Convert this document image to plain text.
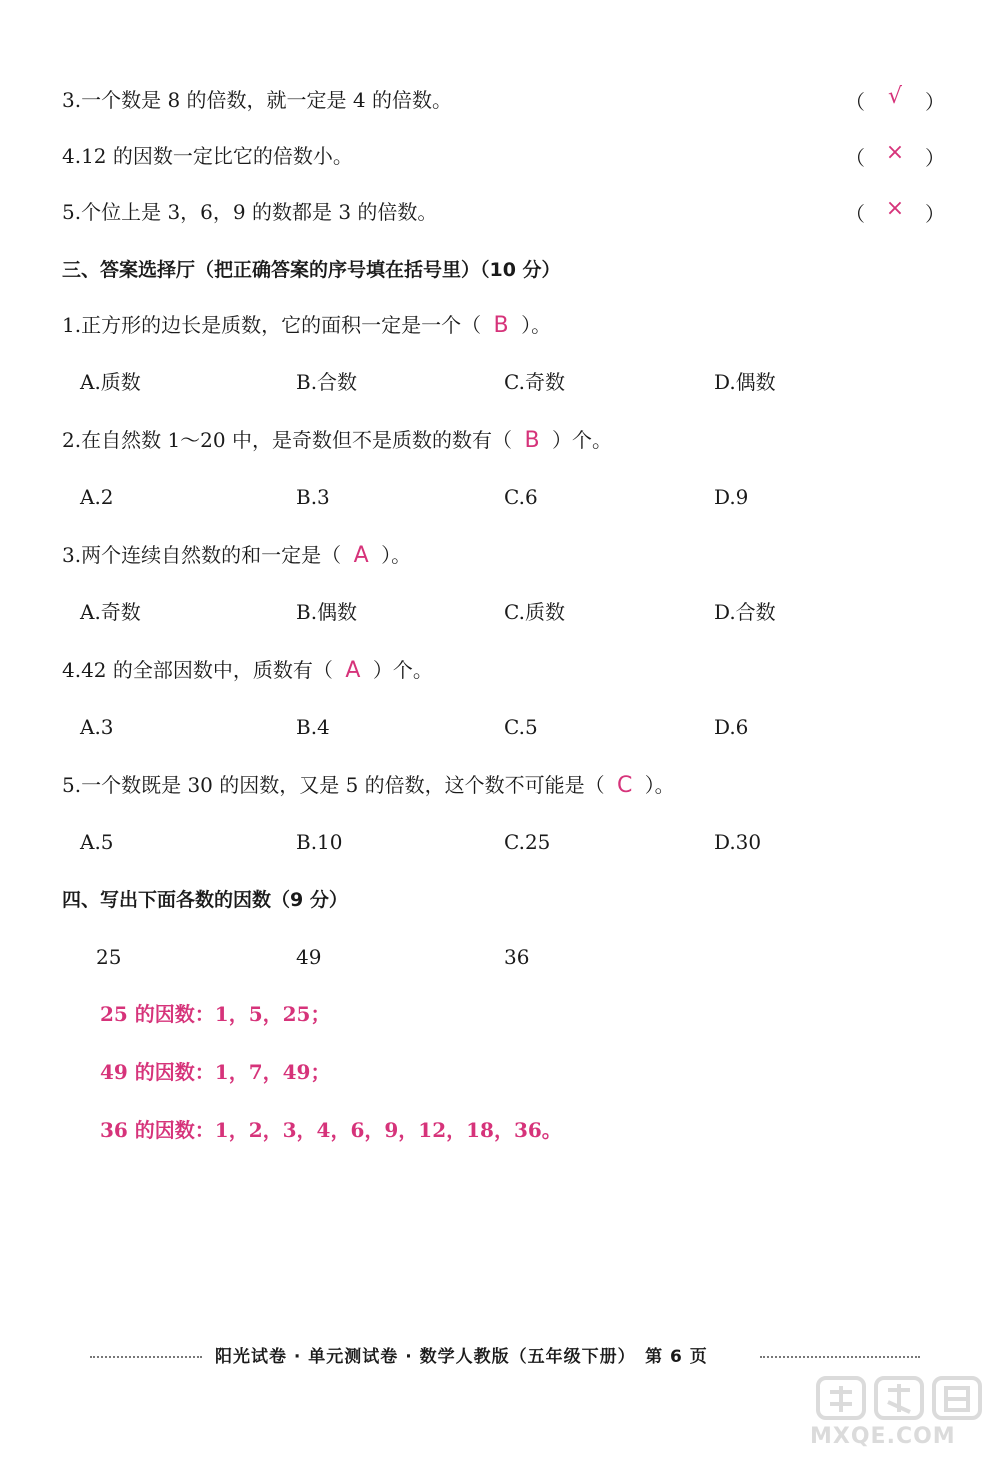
3.一个数是 8 的倍数，就一定是 4 的倍数。	（	√	）
4.12 的因数一定比它的倍数小。	（ ×	）
5.个位上是 3，6，9 的数都是 3 的倍数。	（ ×	）
三、答案选择厅（把正确答案的序号填在括号里）（10 分）
1.正方形的边长是质数，它的面积一定是一个（ B ）。
A.质数	B.合数	C.奇数	D.偶数
2.在自然数 1～20 中，是奇数但不是质数的数有（ B ）个。
A.2	B.3	C.6	D.9
3.两个连续自然数的和一定是（ A ）。
A.奇数	B.偶数	C.质数	D.合数
4.42 的全部因数中，质数有（ A ）个。
A.3	B.4	C.5	D.6
5.一个数既是 30 的因数，又是 5 的倍数，这个数不可能是（ C ）。
A.5	B.10	C.25	D.30
四、写出下面各数的因数（9 分）
25	49	36
25 的因数：1，5，25；
49 的因数：1，7，49；
36 的因数：1，2，3，4，6，9，12，18，36。
阳光试卷 · 单元测试卷 · 数学人教版（五年级下册）　第 6 页
MXQE.COM
